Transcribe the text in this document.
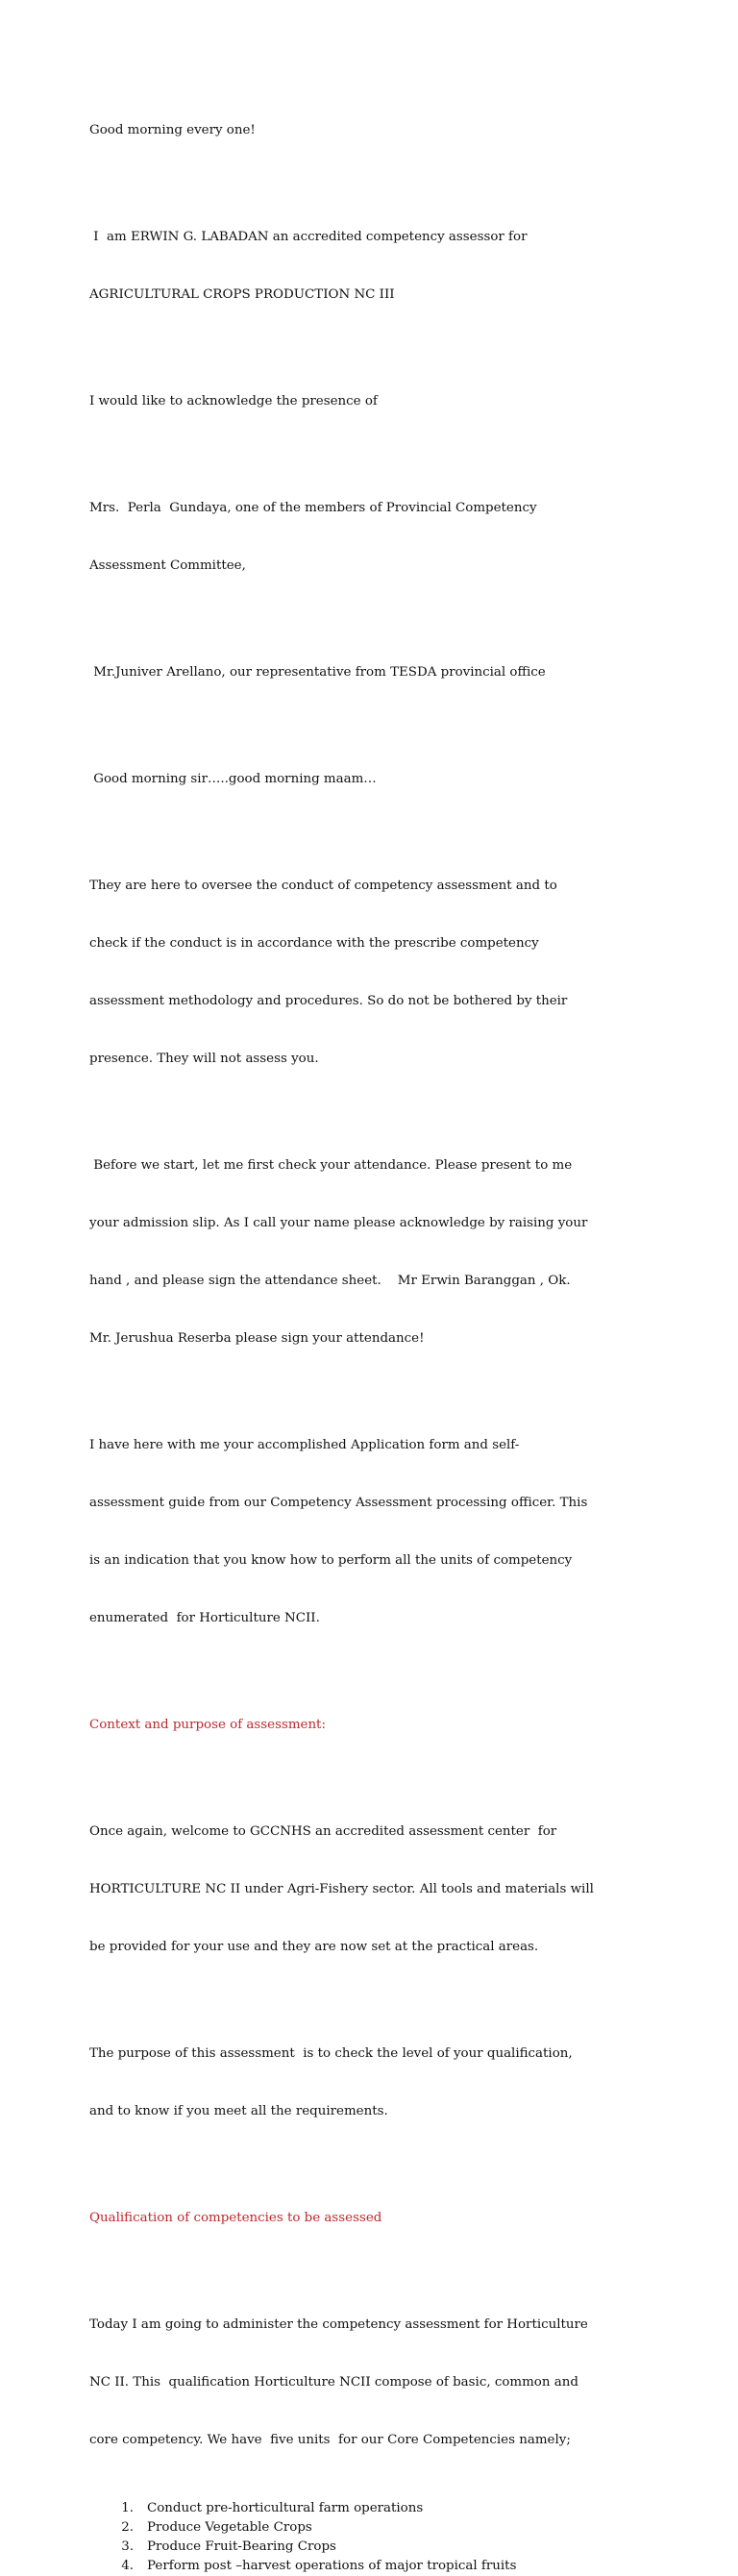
Good morning every one!

I  am ERWIN G. LABADAN an accredited competency assessor for

AGRICULTURAL CROPS PRODUCTION NC III

I would like to acknowledge the presence of

Mrs.  Perla  Gundaya, one of the members of Provincial Competency

Assessment Committee,

Mr.Juniver Arellano, our representative from TESDA provincial office

Good morning sir…..good morning maam…

They are here to oversee the conduct of competency assessment and to

check if the conduct is in accordance with the prescribe competency

assessment methodology and procedures. So do not be bothered by their

presence. They will not assess you.

Before we start, let me first check your attendance. Please present to me

your admission slip. As I call your name please acknowledge by raising your

hand , and please sign the attendance sheet.    Mr Erwin Baranggan , Ok.

Mr. Jerushua Reserba please sign your attendance!

I have here with me your accomplished Application form and self-

assessment guide from our Competency Assessment processing officer. This

is an indication that you know how to perform all the units of competency

enumerated  for Horticulture NCII.

Context and purpose of assessment:

Once again, welcome to GCCNHS an accredited assessment center  for

HORTICULTURE NC II under Agri-Fishery sector. All tools and materials will

be provided for your use and they are now set at the practical areas.

The purpose of this assessment  is to check the level of your qualification,

and to know if you meet all the requirements.

Qualification of competencies to be assessed

Today I am going to administer the competency assessment for Horticulture

NC II. This  qualification Horticulture NCII compose of basic, common and

core competency. We have  five units  for our Core Competencies namely;

1.	Conduct pre-horticultural farm operations
2.	Produce Vegetable Crops
3.	Produce Fruit-Bearing Crops
4.	Perform post –harvest operations of major tropical fruits
